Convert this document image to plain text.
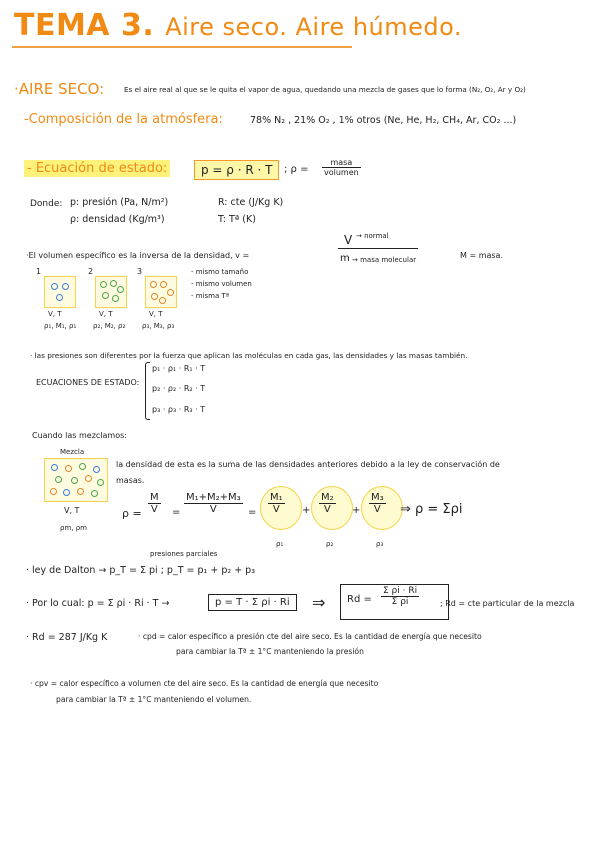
TEMA 3. Aire seco. Aire húmedo.
·AIRE SECO:	Es el aire real al que se le quita el vapor de agua, quedando una mezcla de gases que lo forma (N₂, O₂, Ar y O₂)
-Composición de la atmósfera:	78% N₂ , 21% O₂ , 1% otros (Ne, He, H₂, CH₄, Ar, CO₂ ...)
- Ecuación de estado:	p = ρ · R · T	; ρ =
masa
volumen
Donde: p: presión (Pa, N/m²)
ρ: densidad (Kg/m³)
R: cte (J/Kg K)
T: Tª (K)
·El volumen específico es la inversa de la densidad, v =
V → normal
m → masa molecular	M = masa.
1	2	3
V, T	V, T	V, T
ρ₁, M₁, ρ₁ ρ₂, M₂, ρ₂ ρ₃, M₃, ρ₃
- mismo tamaño
- mismo volumen
- misma Tª
· las presiones son diferentes por la fuerza que aplican las moléculas en cada gas, las densidades y las masas también.
ECUACIONES DE ESTADO:
p₁ · ρ₁ · R₁ · T
p₂ · ρ₂ · R₂ · T
p₃ · ρ₃ · R₃ · T
Cuando las mezclamos:
Mezcla
V, T
ρm, ρm
la densidad de esta es la suma de las densidades anteriores debido a la ley de conservación de
masas.
$\rho = \frac{M}{V} = \frac{\text{M₁+M₂+M₃}}{V} = \frac{\text{M₁}}{V} + \frac{\text{M₂}}{V} + \frac{\text{M₃}}{V}$ ⇒ ρ = Σρi
ρ₁	ρ₂	ρ₃
presiones parciales
· ley de Dalton → p_T = Σ pi ; p_T = p₁ + p₂ + p₃
· Por lo cual: p = Σ ρi · Ri · T →	p = T · Σ ρi · Ri	⇒ $Rd = \frac{\text{Σ ρi · Ri}}{\text{Σ ρi}}$	; Rd = cte particular de la mezcla
· Rd = 287 J/Kg K	· cpd = calor específico a presión cte del aire seco. Es la cantidad de energía que necesito
para cambiar la Tª ± 1°C manteniendo la presión
· cpv = calor específico a volumen cte del aire seco. Es la cantidad de energía que necesito
para cambiar la Tª ± 1°C manteniendo el volumen.
